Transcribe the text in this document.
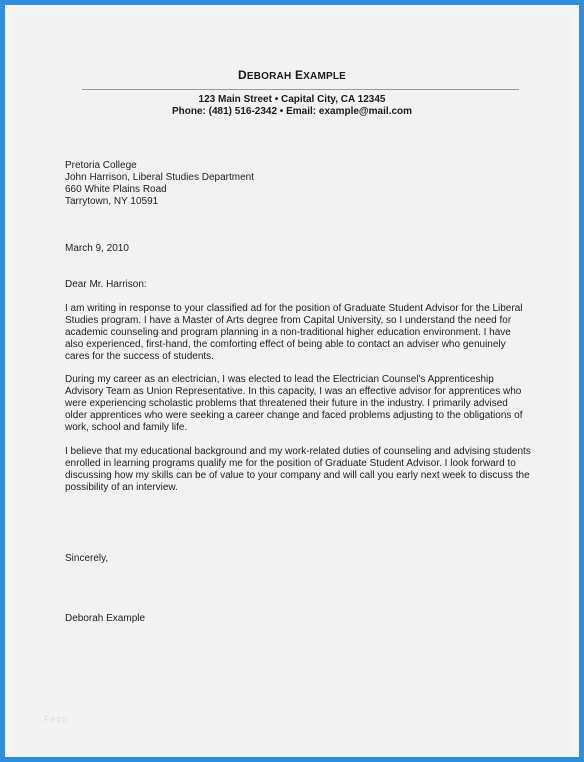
DEBORAH EXAMPLE
123 Main Street • Capital City, CA 12345
Phone: (481) 516-2342 • Email: example@mail.com
Pretoria College
John Harrison, Liberal Studies Department
660 White Plains Road
Tarrytown, NY 10591
March 9, 2010
Dear Mr. Harrison:
I am writing in response to your classified ad for the position of Graduate Student Advisor for the Liberal
Studies program. I have a Master of Arts degree from Capital University, so I understand the need for
academic counseling and program planning in a non-traditional higher education environment. I have
also experienced, first-hand, the comforting effect of being able to contact an adviser who genuinely
cares for the success of students.
During my career as an electrician, I was elected to lead the Electrician Counsel's Apprenticeship
Advisory Team as Union Representative. In this capacity, I was an effective advisor for apprentices who
were experiencing scholastic problems that threatened their future in the industry. I primarily advised
older apprentices who were seeking a career change and faced problems adjusting to the obligations of
work, school and family life.
I believe that my educational background and my work-related duties of counseling and advising students
enrolled in learning programs qualify me for the position of Graduate Student Advisor. I look forward to
discussing how my skills can be of value to your company and will call you early next week to discuss the
possibility of an interview.
Sincerely,
Deborah Example
Feco
